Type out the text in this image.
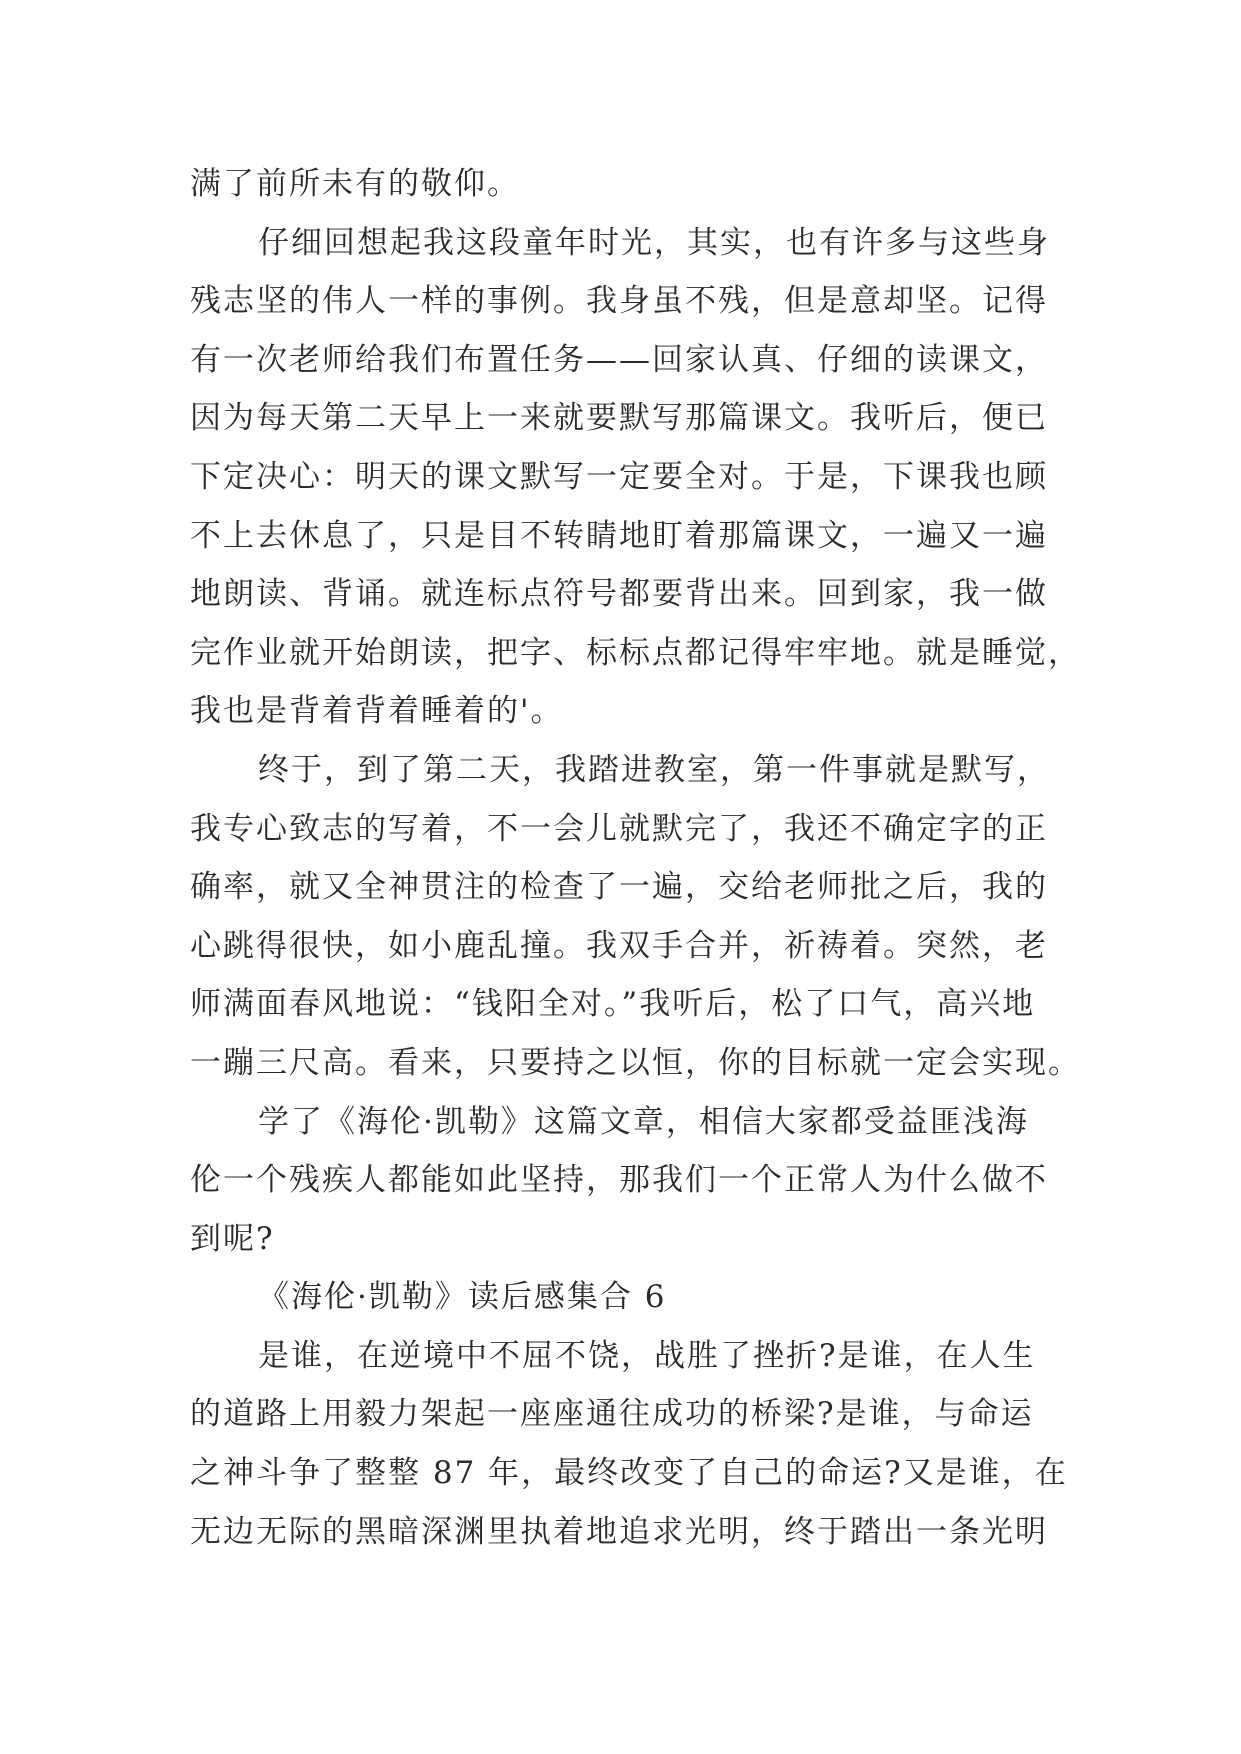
满了前所未有的敬仰。
仔细回想起我这段童年时光，其实，也有许多与这些身
残志坚的伟人一样的事例。我身虽不残，但是意却坚。记得
有一次老师给我们布置任务——回家认真、仔细的读课文，
因为每天第二天早上一来就要默写那篇课文。我听后，便已
下定决心：明天的课文默写一定要全对。于是，下课我也顾
不上去休息了，只是目不转睛地盯着那篇课文，一遍又一遍
地朗读、背诵。就连标点符号都要背出来。回到家，我一做
完作业就开始朗读，把字、标标点都记得牢牢地。就是睡觉，
我也是背着背着睡着的'。
终于，到了第二天，我踏进教室，第一件事就是默写，
我专心致志的写着，不一会儿就默完了，我还不确定字的正
确率，就又全神贯注的检查了一遍，交给老师批之后，我的
心跳得很快，如小鹿乱撞。我双手合并，祈祷着。突然，老
师满面春风地说：“钱阳全对。”我听后，松了口气，高兴地
一蹦三尺高。看来，只要持之以恒，你的目标就一定会实现。
学了《海伦·凯勒》这篇文章，相信大家都受益匪浅海
伦一个残疾人都能如此坚持，那我们一个正常人为什么做不
到呢?
《海伦·凯勒》读后感集合 6
是谁，在逆境中不屈不饶，战胜了挫折?是谁，在人生
的道路上用毅力架起一座座通往成功的桥梁?是谁，与命运
之神斗争了整整 87 年，最终改变了自己的命运?又是谁，在
无边无际的黑暗深渊里执着地追求光明，终于踏出一条光明
